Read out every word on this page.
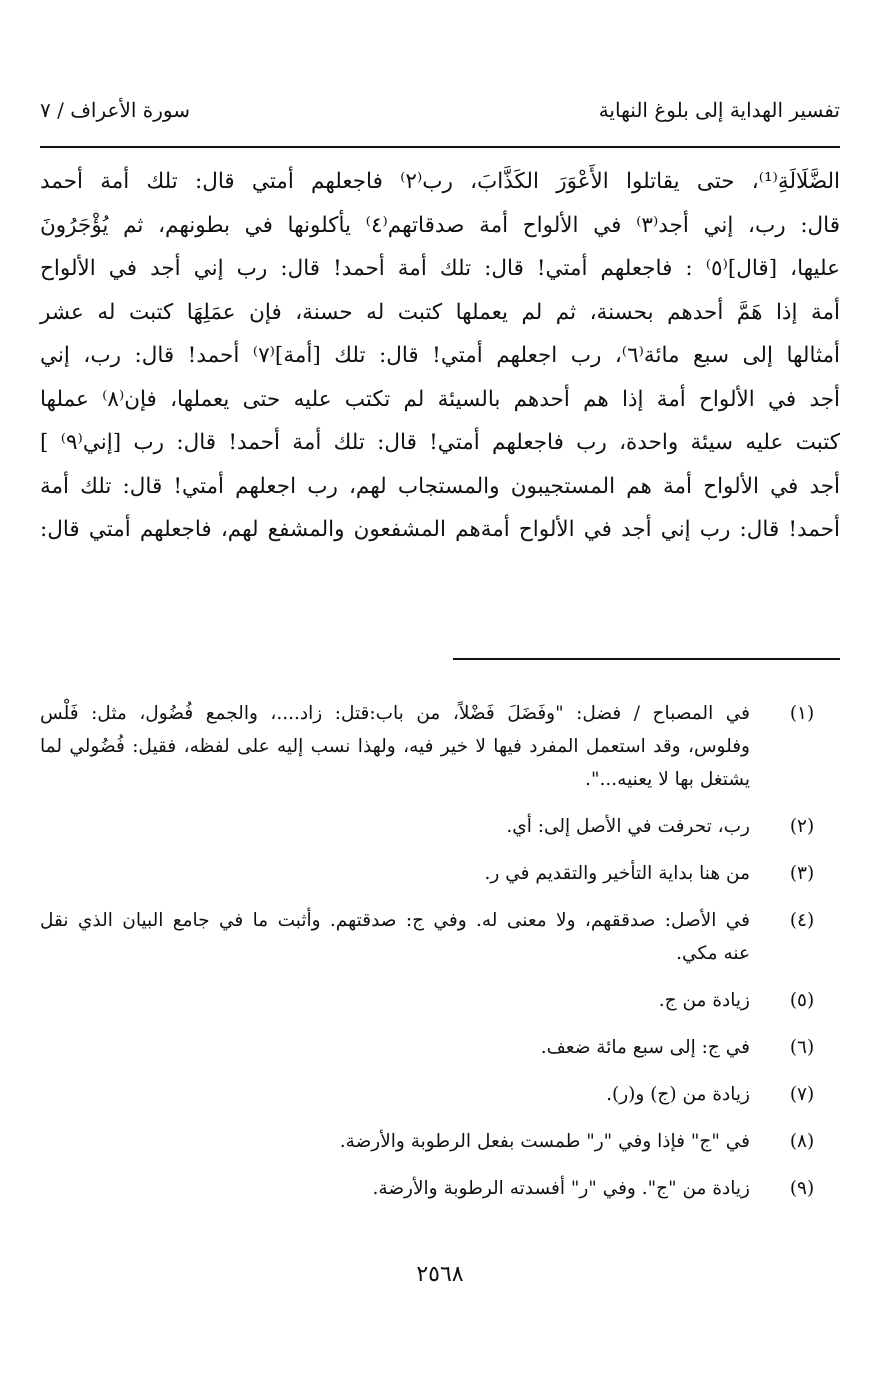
تفسير الهداية إلى بلوغ النهاية
سورة الأعراف / ٧
الضَّلَالَةِ⁽¹⁾، حتى يقاتلوا الأَعْوَرَ الكَذَّابَ، رب⁽٢⁾ فاجعلهم أمتي قال: تلك أمة أحمد
قال: رب، إني أجد⁽٣⁾ في الألواح أمة صدقاتهم⁽٤⁾ يأكلونها في بطونهم، ثم يُؤْجَرُونَ
عليها، [قال]⁽٥⁾ : فاجعلهم أمتي! قال: تلك أمة أحمد! قال: رب إني أجد في الألواح
أمة إذا هَمَّ أحدهم بحسنة، ثم لم يعملها كتبت له حسنة، فإن عمَلِهَا كتبت له عشر
أمثالها إلى سبع مائة⁽٦⁾، رب اجعلهم أمتي! قال: تلك [أمة]⁽٧⁾ أحمد! قال: رب، إني
أجد في الألواح أمة إذا هم أحدهم بالسيئة لم تكتب عليه حتى يعملها، فإن⁽٨⁾ عملها
كتبت عليه سيئة واحدة، رب فاجعلهم أمتي! قال: تلك أمة أحمد! قال: رب [إني⁽٩⁾ ]
أجد في الألواح أمة هم المستجيبون والمستجاب لهم، رب اجعلهم أمتي! قال: تلك أمة
أحمد! قال: رب إني أجد في الألواح أمةهم المشفعون والمشفع لهم، فاجعلهم أمتي قال:
(١)
في المصباح / فضل: "وفَضَلَ فَضْلاً، من باب:قتل: زاد....، والجمع فُضُول، مثل: فَلْس
وفلوس، وقد استعمل المفرد فيها لا خير فيه، ولهذا نسب إليه على لفظه، فقيل: فُضُولي لما
يشتغل بها لا يعنيه...".
(٢)
رب، تحرفت في الأصل إلى: أي.
(٣)
من هنا بداية التأخير والتقديم في ر.
(٤)
في الأصل: صدققهم، ولا معنى له. وفي ج: صدقتهم. وأثبت ما في جامع البيان الذي نقل
عنه مكي.
(٥)
زيادة من ج.
(٦)
في ج: إلى سبع مائة ضعف.
(٧)
زيادة من (ج) و(ر).
(٨)
في "ج" فإذا وفي "ر" طمست بفعل الرطوبة والأرضة.
(٩)
زيادة من "ج". وفي "ر" أفسدته الرطوبة والأرضة.
٢٥٦٨
